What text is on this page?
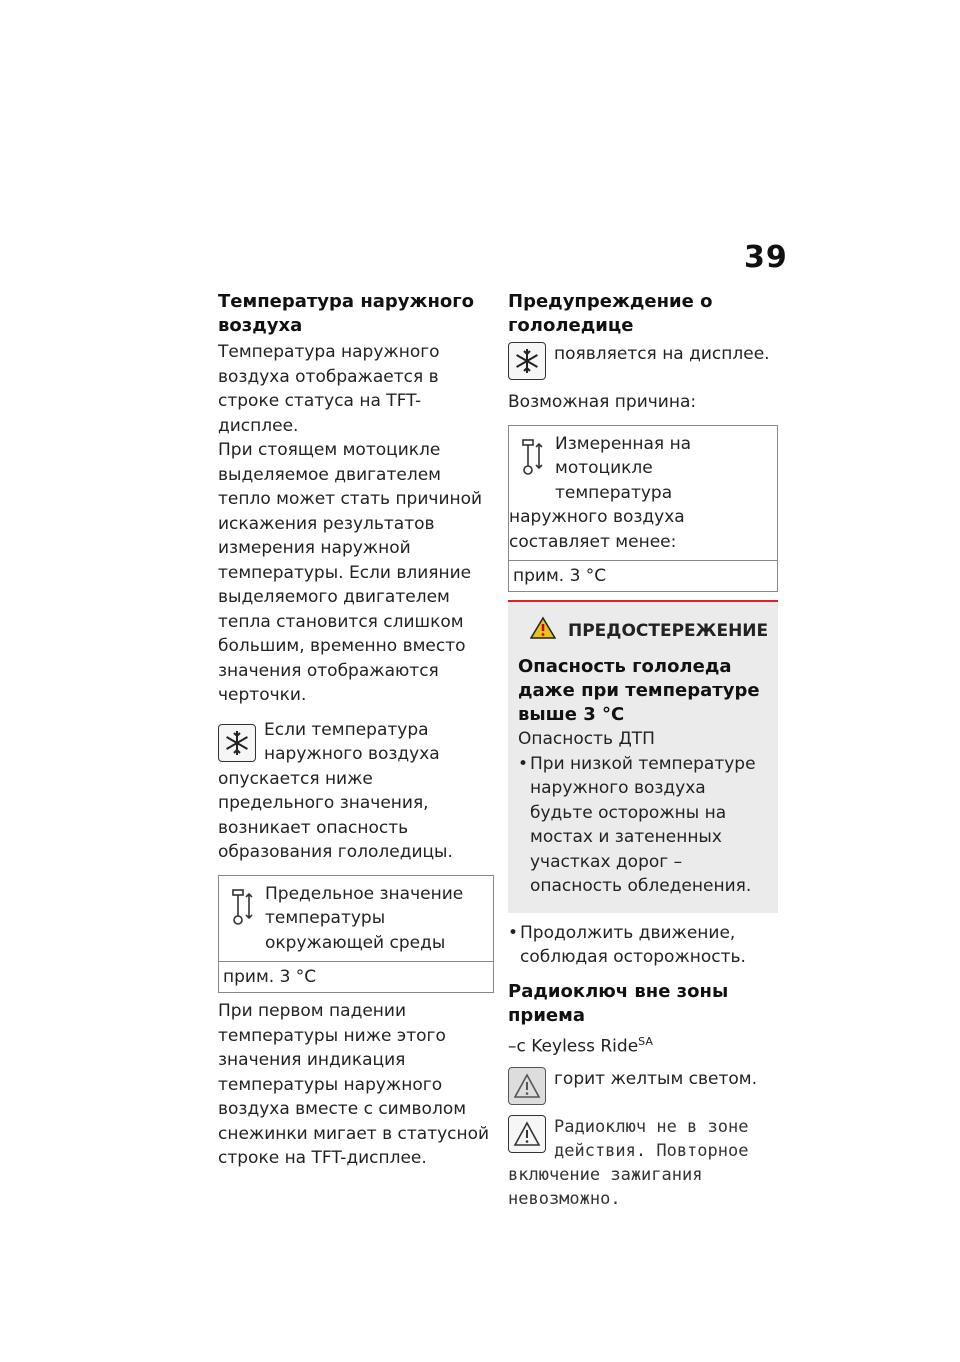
39
Температура наружного воздуха

Температура наружного воздуха отображается в строке статуса на TFT-дисплее.

При стоящем мотоцикле выделяемое двигателем тепло может стать причиной искажения результатов измерения наружной температуры. Если влияние выделяемого двигателем тепла становится слишком большим, временно вместо значения отображаются черточки.

Если температура наружного воздуха опускается ниже предельного значения, возникает опасность образования гололедицы.

Предельное значение температуры окружающей среды

прим. 3 °C

При первом падении температуры ниже этого значения индикация температуры наружного воздуха вместе с символом снежинки мигает в статусной строке на TFT-дисплее.

Предупреждение о гололедице

появляется на дисплее.

Возможная причина:

Измеренная на мотоцикле температура наружного воздуха составляет менее:

прим. 3 °C
ПРЕДОСТЕРЕЖЕНИЕ
Опасность гололеда даже при температуре выше 3 °C

Опасность ДТП

• При низкой температуре наружного воздуха будьте осторожны на мостах и затененных участках дорог – опасность обледенения.
• Продолжить движение, соблюдая осторожность.
Радиоключ вне зоны приема

–с Keyless Ride$^{SA}$

горит желтым светом.

Радиоключ не в зоне действия. Повторное включение зажигания невозможно.
